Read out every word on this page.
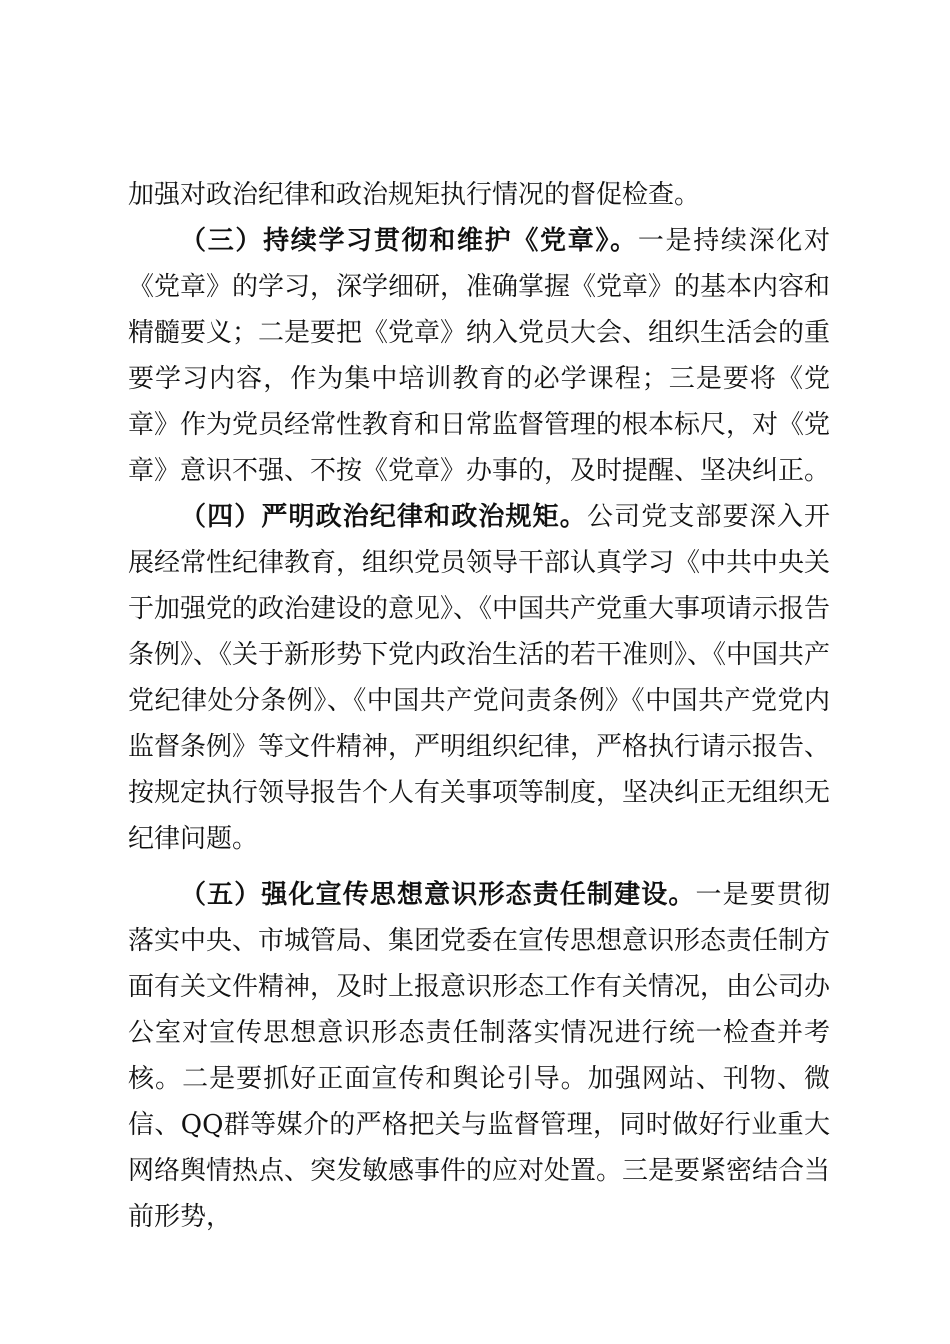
加强对政治纪律和政治规矩执行情况的督促检查。

（三）持续学习贯彻和维护《党章》。一是持续深化对《党章》的学习，深学细研，准确掌握《党章》的基本内容和精髓要义；二是要把《党章》纳入党员大会、组织生活会的重要学习内容，作为集中培训教育的必学课程；三是要将《党章》作为党员经常性教育和日常监督管理的根本标尺，对《党章》意识不强、不按《党章》办事的，及时提醒、坚决纠正。

（四）严明政治纪律和政治规矩。公司党支部要深入开展经常性纪律教育，组织党员领导干部认真学习《中共中央关于加强党的政治建设的意见》、《中国共产党重大事项请示报告条例》、《关于新形势下党内政治生活的若干准则》、《中国共产党纪律处分条例》、《中国共产党问责条例》《中国共产党党内监督条例》等文件精神，严明组织纪律，严格执行请示报告、按规定执行领导报告个人有关事项等制度，坚决纠正无组织无纪律问题。

（五）强化宣传思想意识形态责任制建设。一是要贯彻落实中央、市城管局、集团党委在宣传思想意识形态责任制方面有关文件精神，及时上报意识形态工作有关情况，由公司办公室对宣传思想意识形态责任制落实情况进行统一检查并考核。二是要抓好正面宣传和舆论引导。加强网站、刊物、微信、QQ群等媒介的严格把关与监督管理，同时做好行业重大网络舆情热点、突发敏感事件的应对处置。三是要紧密结合当前形势，
